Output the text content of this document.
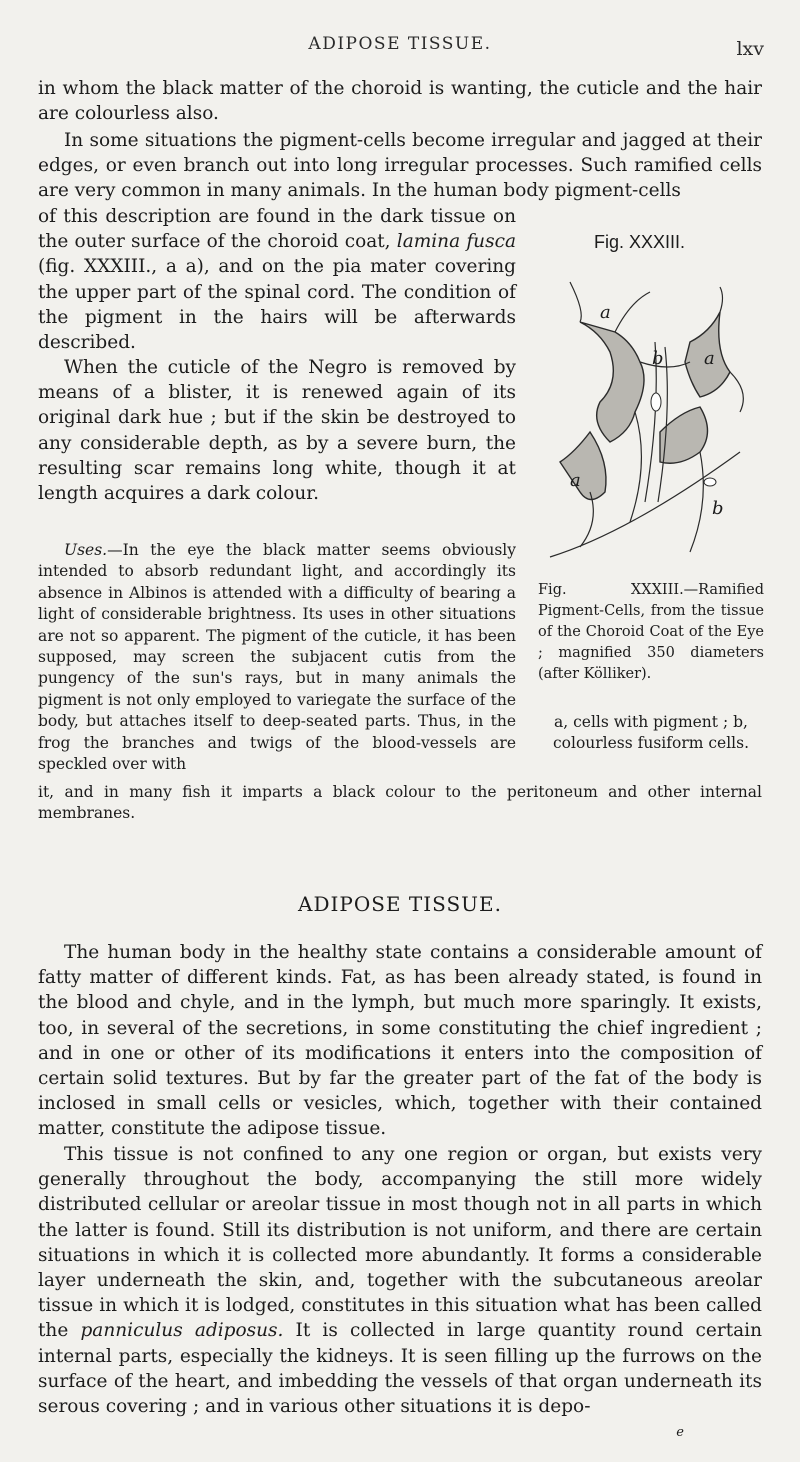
ADIPOSE TISSUE.	lxv

in whom the black matter of the choroid is wanting, the cuticle and the hair are colourless also.

In some situations the pigment-cells become irregular and jagged at their edges, or even branch out into long irregular processes. Such ramified cells are very common in many animals. In the human body pigment-cells

of this description are found in the dark tissue on the outer surface of the choroid coat, lamina fusca (fig. XXXIII., a a), and on the pia mater covering the upper part of the spinal cord. The condition of the pigment in the hairs will be afterwards described.

When the cuticle of the Negro is removed by means of a blister, it is renewed again of its original dark hue ; but if the skin be destroyed to any considerable depth, as by a severe burn, the resulting scar remains long white, though it at length acquires a dark colour.

Uses.—In the eye the black matter seems obviously intended to absorb redundant light, and accordingly its absence in Albinos is attended with a difficulty of bearing a light of considerable brightness. Its uses in other situations are not so apparent. The pigment of the cuticle, it has been supposed, may screen the subjacent cutis from the pungency of the sun's rays, but in many animals the pigment is not only employed to variegate the surface of the body, but attaches itself to deep-seated parts. Thus, in the frog the branches and twigs of the blood-vessels are speckled over with

it, and in many fish it imparts a black colour to the peritoneum and other internal membranes.

Fig. XXXIII.
a
b a
a
b

Fig. XXXIII.—Ramified Pigment-Cells, from the tissue of the Choroid Coat of the Eye ; magnified 350 diameters (after Kölliker).

a, cells with pigment ; b, colourless fusiform cells.

ADIPOSE TISSUE.

The human body in the healthy state contains a considerable amount of fatty matter of different kinds. Fat, as has been already stated, is found in the blood and chyle, and in the lymph, but much more sparingly. It exists, too, in several of the secretions, in some constituting the chief ingredient ; and in one or other of its modifications it enters into the composition of certain solid textures. But by far the greater part of the fat of the body is inclosed in small cells or vesicles, which, together with their contained matter, constitute the adipose tissue.

This tissue is not confined to any one region or organ, but exists very generally throughout the body, accompanying the still more widely distributed cellular or areolar tissue in most though not in all parts in which the latter is found. Still its distribution is not uniform, and there are certain situations in which it is collected more abundantly. It forms a considerable layer underneath the skin, and, together with the subcutaneous areolar tissue in which it is lodged, constitutes in this situation what has been called the panniculus adiposus. It is collected in large quantity round certain internal parts, especially the kidneys. It is seen filling up the furrows on the surface of the heart, and imbedding the vessels of that organ underneath its serous covering ; and in various other situations it is depo-

e
